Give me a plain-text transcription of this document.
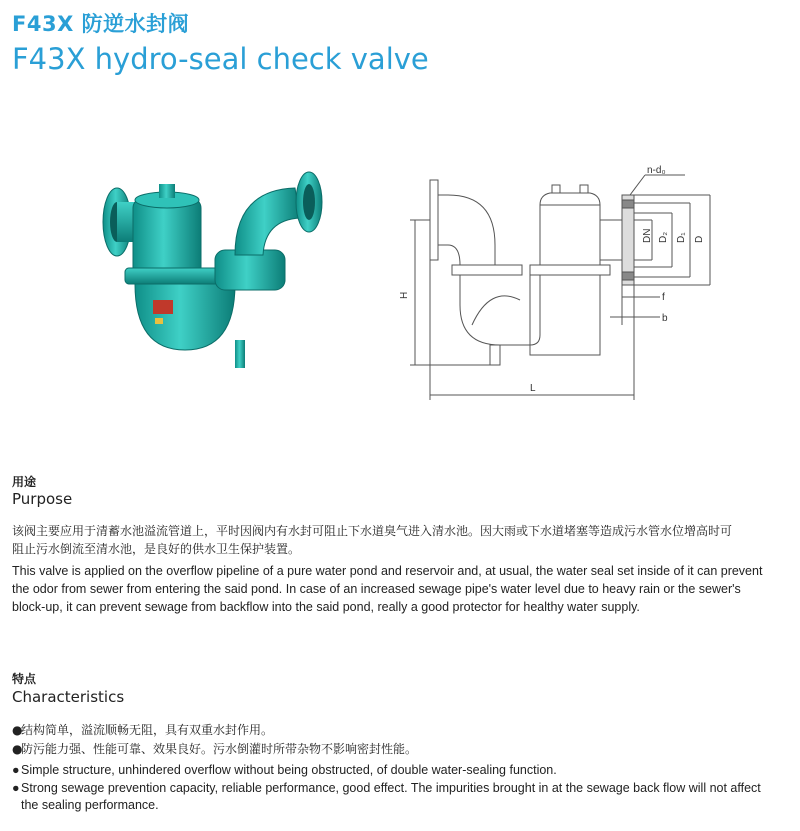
F43X 防逆水封阀
F43X hydro-seal check valve
n-d₀
DN D₂ D₁ D
H
L
f
b
用途
Purpose

该阀主要应用于清蓄水池溢流管道上，平时因阀内有水封可阻止下水道臭气进入清水池。因大雨或下水道堵塞等造成污水管水位增高时可

阻止污水倒流至清水池，是良好的供水卫生保护装置。

This valve is applied on the overflow pipeline of a pure water pond and reservoir and, at usual, the water seal set inside of it can prevent

the odor from sewer from entering the said pond. In case of an increased sewage pipe's water level due to heavy rain or the sewer's

block-up, it can prevent sewage from backflow into the said pond, really a good protector for healthy water supply.

特点
Characteristics
●结构简单，溢流顺畅无阻，具有双重水封作用。
●防污能力强、性能可靠、效果良好。污水倒灌时所带杂物不影响密封性能。
●Simple structure, unhindered overflow without being obstructed, of double water-sealing function.
●Strong sewage prevention capacity, reliable performance, good effect. The impurities brought in at the sewage back flow will not affect
the sealing performance.
